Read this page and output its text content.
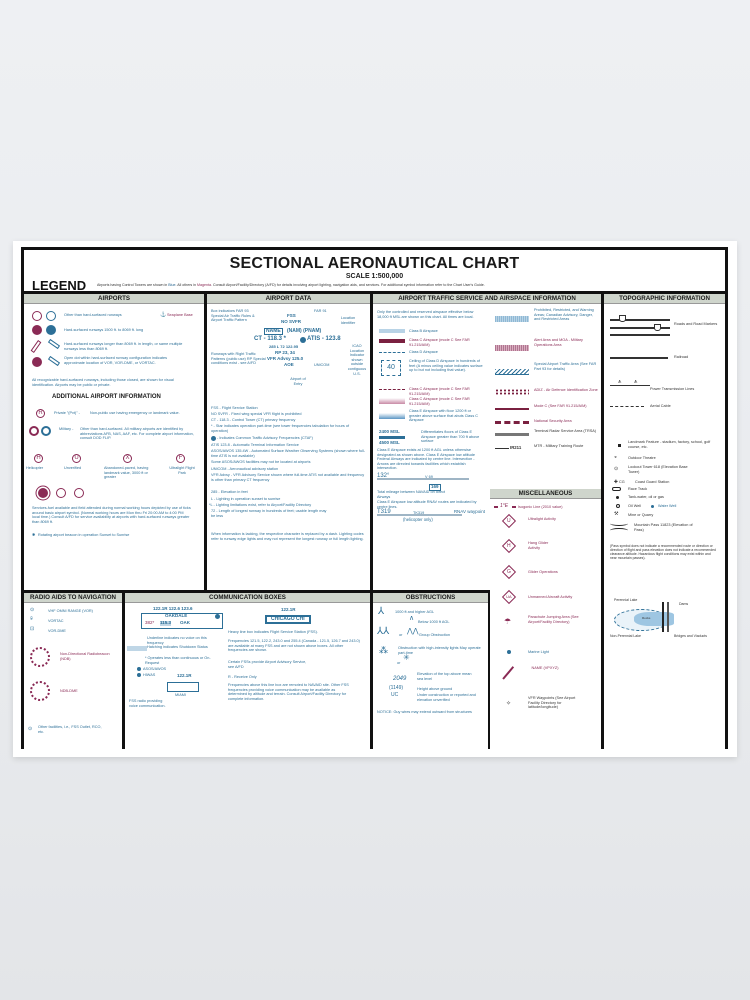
SECTIONAL AERONAUTICAL CHART
SCALE 1:500,000
LEGEND	Airports having Control Towers are shown in Blue. All others in Magenta. Consult Airport/Facility/Directory (A/FD) for details involving airport lighting, navigation aids, and services. For additional symbol information refer to the Chart User's Guide.
AIRPORTS
Other than hard-surfaced runways	⚓ Seaplane Base
Hard-surfaced runways 1500 ft. to 8069 ft. long
Hard-surfaced runways longer than 8069 ft. in length, or same multiple runways less than 8069 ft.
Open dot within hard-surfaced runway configuration indicates approximate location of VOR, VOR-DME, or VORTAC.
All recognizable hard-surfaced runways, including those closed, are shown for visual identification. Airports may be public or private.
ADDITIONAL AIRPORT INFORMATION
R	Private "(Pvt)" -	Non-public use having emergency or landmark value.
Military - Other than hard-surfaced. All military airports are identified by abbreviations AFB, NAS, AAF, etc. For complete airport information, consult DOD FLIP.
H	U	X	F
Helicopter	Unverified	Abandoned-paved, having landmark value, 3000 ft or greater
Ultralight Flight Park
Services-fuel available and field attended during normal working hours depicted by use of ticks around basic airport symbol. (Normal working hours are Mon thru Fri 20:00 AM to 4:00 PM local time.) Consult A/FD for service availability at airports with hard-surfaced runways greater than 8069 ft.
✱ Rotating airport beacon in operation Sunset to Sunrise
AIRPORT DATA
Box indicators FAR 93 Special Air Traffic Rules & Airport Traffic Pattern
FAR 91
FSS
NO SVFR
Location Identifier
NAME	(NAM) (PNAM)
CT - 118.3 *	ATIS - 123.8
285 L 72 122.95
RP 23, 34
VFR Advsy 125.0
AOE
Runways with Right Traffic Patterns (public use) RP Special conditions exist - see A/FD	UNICOM
Airport of Entry
ICAO Location Indicator shown outside contiguous U.S.
FSS - Flight Service Station
NO SVFR - Fixed wing special VFR flight is prohibited
CT - 118.3 - Control Tower (CT) primary frequency
* - Star indicates operation part-time (see tower frequencies tabulation for hours of operation)
- Indicates Common Traffic Advisory Frequencies (CTAF)
ATIS 123.8 - Automatic Terminal Information Service
ASOS/AWOS 135.4W - Automated Surface Weather Observing Systems (shown where full-time ATIS is not available)
Some ASOS/AWOS facilities may not be located at airports
UNICOM - Aeronautical advisory station
VFR Advsy - VFR Advisory Service shown where full-time ATIS not available and frequency is other than primary CT frequency
285 - Elevation in feet
L - Lighting in operation sunset to sunrise
*L - Lighting limitations exist, refer to Airport/Facility Directory
72 - Length of longest runway in hundreds of feet; usable length may be less
When information is lacking, the respective character is replaced by a dash. Lighting codes refer to runway edge lights and may not represent the longest runway or full length lighting.
AIRPORT TRAFFIC SERVICE AND AIRSPACE INFORMATION
Only the controlled and reserved airspace effective below 18,000 ft MSL are shown on this chart. All times are local.
Class B Airspace
Class C Airspace (mode C See FAR 91.215/AIM)
Class D Airspace
40
Ceiling of Class D Airspace in hundreds of feet (A minus ceiling value indicates surface up to but not including that value).
Class C Airspace (mode C See FAR 91.215/AIM)
Class C Airspace (mode C See FAR 91.215/AIM)
Class E Airspace with floor 1200 ft or greater above surface that abuts Class C Airspace
2400 MSL
4500 MSL
Differentiates floors of Class E Airspace greater than 700 ft above surface
Class E Airspace exists at 1200 ft AGL unless otherwise designated as shown above. Class E Airspace low altitude Federal Airways are indicated by centre line. Intersection - Arrows are directed towards facilities which establish intersection.
132°	V 69
169
Total mileage between NAVAID on direct Airways
Class E Airspace low altitude RNAV routes are indicated by centre lines.
T319	TK319
(helicopter only)
RNAV waypoint
Prohibited, Restricted, and Warning Areas; Canadian Advisory, Danger, and Restricted Areas
Alert Area and MOA - Military Operations Area
Special Airport Traffic Area (See FAR Part 93 for details)
ADIZ - Air Defence Identification Zone
Mode C (See FAR 91.215/AIM)
National Security Area
Terminal Radar Service Area (TRSA)
IR211	MTR - Military Training Route
MISCELLANEOUS
1°E	Isogonic Line (2010 value)
U	Ultralight Activity
H	Hang Glider Activity
G	Glider Operations
UA	Unmanned Aircraft Activity
☂	Parachute Jumping Area (See Airport/Facility Directory)
Marine Light
NAME (VPXYZ)
✧
VFR Waypoints (See Airport Facility Directory for latitude/longitude)
TOPOGRAPHIC INFORMATION
Roads and Road Markers
Railroad
⩚ ⩚
Power Transmission Lines
Aerial Cable
Landmark Feature - stadium, factory, school, golf course, etc.
◒	Outdoor Theatre
⊙	Lookout Tower 618 (Elevation Base Tower)
✚ CG	Coast Guard Station
Race Track
Tank-water, oil or gas
Oil Well	Water Well
⚒	Mine or Quarry
Mountain Pass 11823 (Elevation of Pass)
(Pass symbol does not indicate a recommended route or direction or direction of flight and pass elevation does not indicate a recommended clearance altitude. Hazardous flight conditions may exist within and near mountain passes).
Perennial Lake
Dams
Rocks
Non-Perennial Lake	Bridges and Viaducts
RADIO AIDS TO NAVIGATION
⊙	VHF OMNI RANGE (VOR)
⍟	VORTAC
⊡	VOR-DME
Non-Directional Radiobeacon (NDB)
NDB-DME
⊙ Other facilities, i.e., FSS Outlet, RCO, etc.
COMMUNICATION BOXES
122.1R 122.6 123.6
OAKDALE
382* 115.3 OAK
Underline indicates no voice on this frequency
Hatching indicates Shutdown Status
* Operates less than continuous or On-Request
ASOS/AWOS
HIWAS	122.1R
MIAMI
FSS radio providing voice communication.
122.1R
CHICAGO CHI
Heavy line box indicates Flight Service Station (FSS).
Frequencies 121.5, 122.2, 243.0 and 255.4 (Canada - 121.5, 126.7 and 243.0) are available at many FSS and are not shown above boxes. All other frequencies are shown.
Certain FSSs provide Airport Advisory Service, see A/FD
R - Receive Only
Frequencies above this line box are remoted to NAVAID site. Other FSS frequencies providing voice communication may be available as determined by altitude and terrain. Consult Airport/Facility Directory for complete information.
OBSTRUCTIONS
⅄	1000 ft and higher AGL
∧ Below 1000 ft AGL
⅄⅄	or ⋀⋀ Group Obstruction
⁂	Obstruction with high-intensity lights May operate part-time
or
✳
2049
Elevation of the top above mean sea level
(1149)	Height above ground
UC	Under construction or reported and elevation unverified
NOTICE: Guy wires may extend outward from structures
